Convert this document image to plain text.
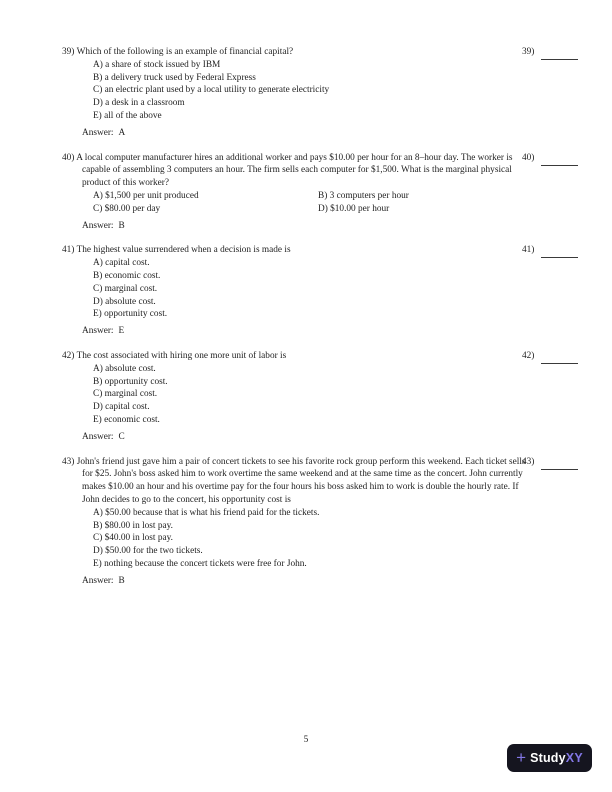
39) Which of the following is an example of financial capital?
A) a share of stock issued by IBM
B) a delivery truck used by Federal Express
C) an electric plant used by a local utility to generate electricity
D) a desk in a classroom
E) all of the above
Answer: A
39)
40) A local computer manufacturer hires an additional worker and pays $10.00 per hour for an 8–hour day. The worker is capable of assembling 3 computers an hour. The firm sells each computer for $1,500. What is the marginal physical product of this worker?
A) $1,500 per unit produced	B) 3 computers per hour
C) $80.00 per day	D) $10.00 per hour
Answer: B
40)
41) The highest value surrendered when a decision is made is
A) capital cost.
B) economic cost.
C) marginal cost.
D) absolute cost.
E) opportunity cost.
Answer: E
41)
42) The cost associated with hiring one more unit of labor is
A) absolute cost.
B) opportunity cost.
C) marginal cost.
D) capital cost.
E) economic cost.
Answer: C
42)
43) John's friend just gave him a pair of concert tickets to see his favorite rock group perform this weekend. Each ticket sells for $25. John's boss asked him to work overtime the same weekend and at the same time as the concert. John currently makes $10.00 an hour and his overtime pay for the four hours his boss asked him to work is double the hourly rate. If John decides to go to the concert, his opportunity cost is
A) $50.00 because that is what his friend paid for the tickets.
B) $80.00 in lost pay.
C) $40.00 in lost pay.
D) $50.00 for the two tickets.
E) nothing because the concert tickets were free for John.
Answer: B
43)
5
+ StudyXY
